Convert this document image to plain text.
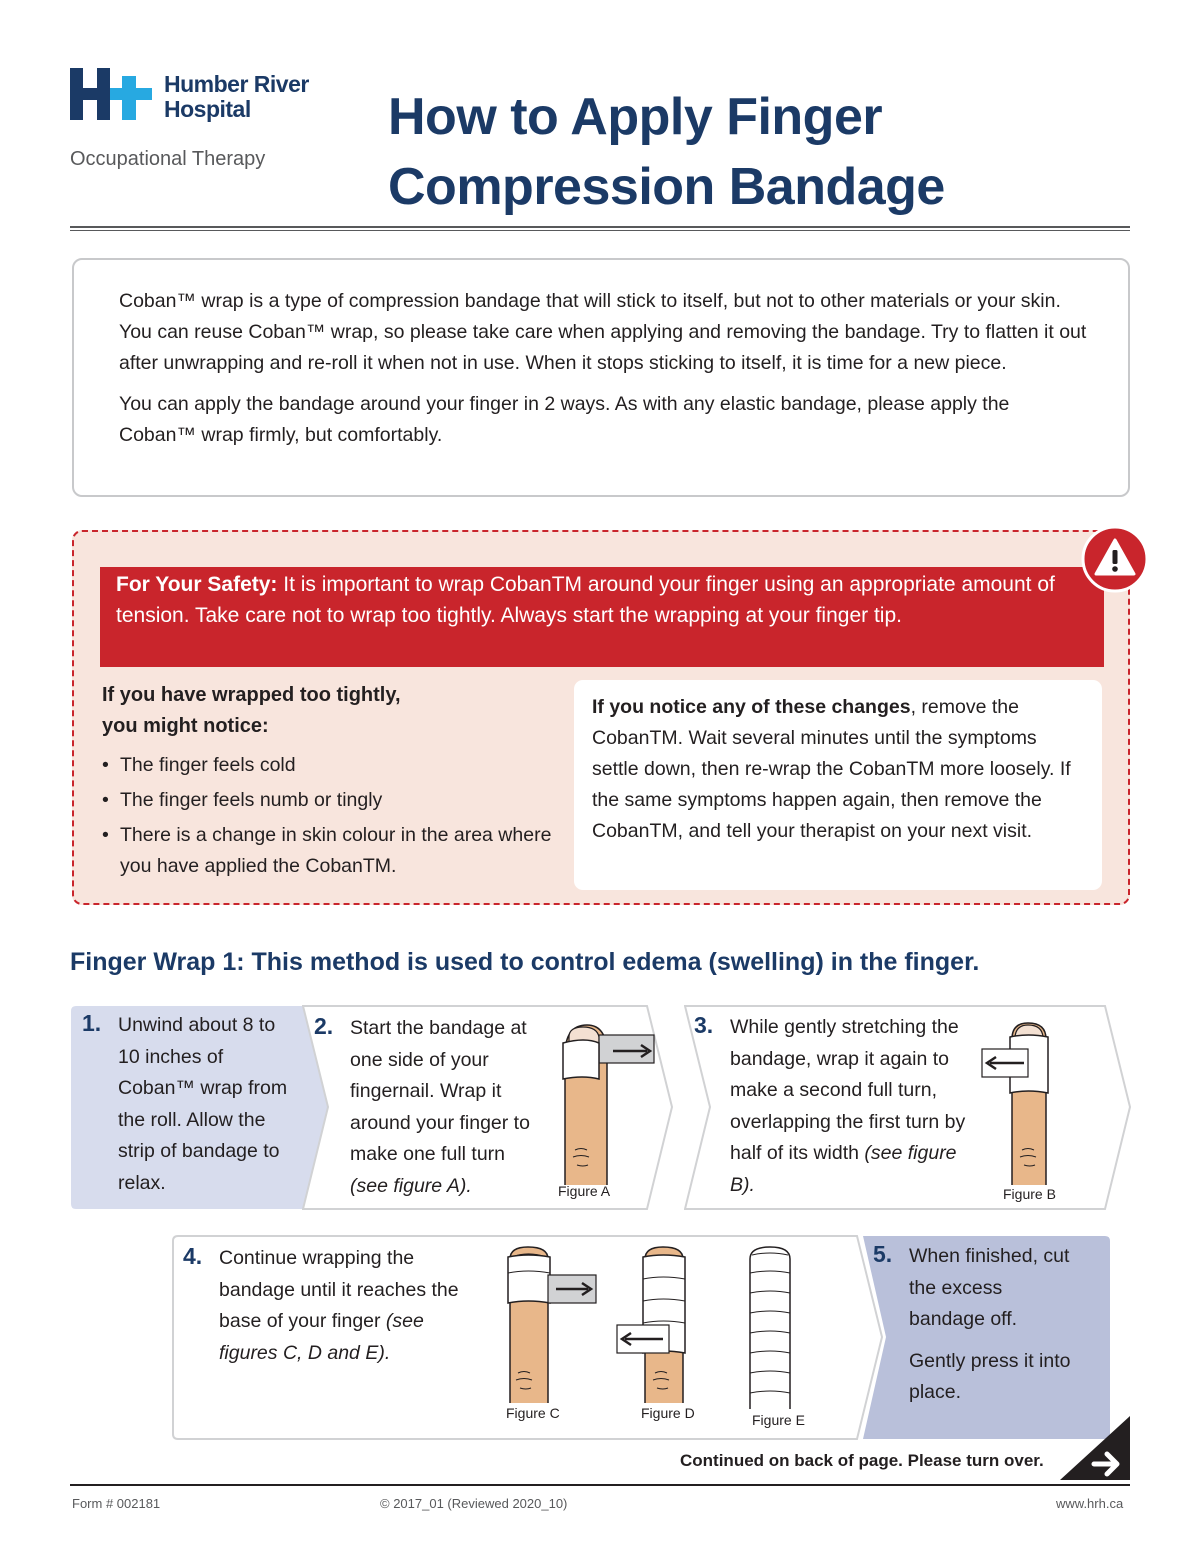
Humber River
Hospital
Occupational Therapy
How to Apply Finger
Compression Bandage

Coban™ wrap is a type of compression bandage that will stick to itself, but not to other materials or your skin. You can reuse Coban™ wrap, so please take care when applying and removing the bandage. Try to flatten it out after unwrapping and re-roll it when not in use. When it stops sticking to itself, it is time for a new piece.

You can apply the bandage around your finger in 2 ways. As with any elastic bandage, please apply the Coban™ wrap firmly, but comfortably.

For Your Safety: It is important to wrap CobanTM around your finger using an appropriate amount of tension. Take care not to wrap too tightly. Always start the wrapping at your finger tip.
If you have wrapped too tightly,
you might notice:
• The finger feels cold
• The finger feels numb or tingly
• There is a change in skin colour in the area where you have applied the CobanTM.
If you notice any of these changes, remove the CobanTM. Wait several minutes until the symptoms settle down, then re-wrap the CobanTM more loosely. If the same symptoms happen again, then remove the CobanTM, and tell your therapist on your next visit.
Finger Wrap 1: This method is used to control edema (swelling) in the finger.
1. Unwind about 8 to 10 inches of Coban™ wrap from the roll. Allow the strip of bandage to relax.
2. Start the bandage at one side of your fingernail. Wrap it around your finger to make one full turn (see figure A).
3. While gently stretching the bandage, wrap it again to make a second full turn, overlapping the first turn by half of its width (see figure B).
4. Continue wrapping the bandage until it reaches the base of your finger (see figures C, D and E).
5. When finished, cut the excess bandage off.
Gently press it into place.
Figure A	Figure B
Figure C	Figure D	Figure E
Continued on back of page. Please turn over.
Form # 002181	© 2017_01 (Reviewed 2020_10)	www.hrh.ca
